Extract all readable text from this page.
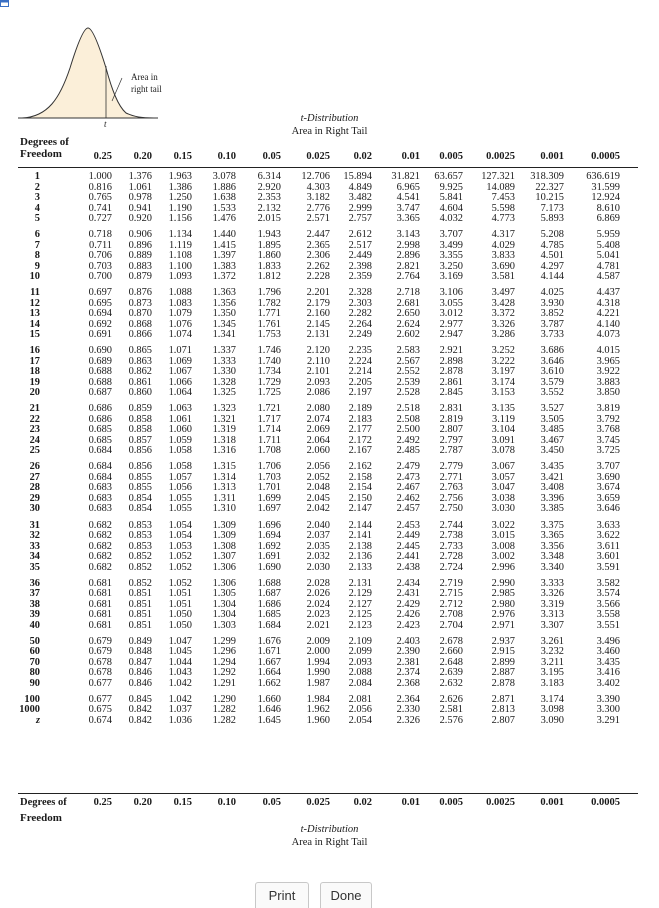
Area in
right tail
t	t-Distribution
Area in Right Tail
Degrees of
Freedom	0.25 0.20 0.15 0.10	0.05 0.025 0.02	0.01 0.005 0.0025 0.001	0.0005
1	1.000 1.376 1.963 3.078 6.314 12.706 15.894 31.821 63.657 127.321 318.309 636.619
2	0.816 1.061 1.386 1.886 2.920 4.303 4.849 6.965 9.925 14.089 22.327	31.599
3	0.765 0.978 1.250 1.638 2.353 3.182 3.482 4.541 5.841	7.453 10.215	12.924
4	0.741 0.941 1.190 1.533 2.132 2.776 2.999 3.747 4.604	5.598 7.173	8.610
5	0.727 0.920 1.156 1.476 2.015 2.571 2.757 3.365 4.032	4.773 5.893	6.869
6	0.718 0.906 1.134 1.440 1.943 2.447 2.612 3.143 3.707	4.317 5.208	5.959
7	0.711 0.896 1.119 1.415 1.895 2.365 2.517 2.998 3.499	4.029 4.785	5.408
8	0.706 0.889 1.108 1.397 1.860 2.306 2.449 2.896 3.355	3.833 4.501	5.041
9	0.703 0.883 1.100 1.383 1.833 2.262 2.398 2.821 3.250	3.690 4.297	4.781
10	0.700 0.879 1.093 1.372 1.812 2.228 2.359 2.764 3.169	3.581 4.144	4.587
11	0.697 0.876 1.088 1.363 1.796 2.201 2.328 2.718 3.106	3.497 4.025	4.437
12	0.695 0.873 1.083 1.356 1.782 2.179 2.303 2.681 3.055	3.428 3.930	4.318
13	0.694 0.870 1.079 1.350 1.771 2.160 2.282 2.650 3.012	3.372 3.852	4.221
14	0.692 0.868 1.076 1.345 1.761 2.145 2.264 2.624 2.977	3.326 3.787	4.140
15	0.691 0.866 1.074 1.341 1.753 2.131 2.249 2.602 2.947	3.286 3.733	4.073
16	0.690 0.865 1.071 1.337 1.746 2.120 2.235 2.583 2.921	3.252 3.686	4.015
17	0.689 0.863 1.069 1.333 1.740	2.110 2.224 2.567 2.898	3.222 3.646	3.965
18	0.688 0.862 1.067 1.330 1.734 2.101 2.214 2.552 2.878	3.197 3.610	3.922
19	0.688 0.861 1.066 1.328 1.729 2.093 2.205 2.539 2.861	3.174 3.579	3.883
20	0.687 0.860 1.064 1.325 1.725 2.086 2.197 2.528 2.845	3.153 3.552	3.850
21	0.686 0.859 1.063 1.323 1.721 2.080 2.189 2.518 2.831	3.135 3.527	3.819
22	0.686 0.858 1.061 1.321 1.717 2.074 2.183 2.508 2.819	3.119 3.505	3.792
23	0.685 0.858 1.060 1.319 1.714 2.069 2.177 2.500 2.807	3.104 3.485	3.768
24	0.685 0.857 1.059 1.318 1.711 2.064 2.172 2.492 2.797	3.091 3.467	3.745
25	0.684 0.856 1.058 1.316 1.708 2.060 2.167 2.485 2.787	3.078 3.450	3.725
26	0.684 0.856 1.058 1.315 1.706 2.056 2.162 2.479 2.779	3.067 3.435	3.707
27	0.684 0.855 1.057 1.314 1.703 2.052 2.158 2.473 2.771	3.057 3.421	3.690
28	0.683 0.855 1.056 1.313 1.701 2.048 2.154 2.467 2.763	3.047 3.408	3.674
29	0.683 0.854 1.055 1.311 1.699 2.045 2.150 2.462 2.756	3.038 3.396	3.659
30	0.683 0.854 1.055 1.310 1.697 2.042 2.147 2.457 2.750	3.030 3.385	3.646
31	0.682 0.853 1.054 1.309 1.696 2.040 2.144 2.453 2.744	3.022 3.375	3.633
32	0.682 0.853 1.054 1.309 1.694 2.037 2.141 2.449 2.738	3.015 3.365	3.622
33	0.682 0.853 1.053 1.308 1.692 2.035 2.138 2.445 2.733	3.008 3.356	3.611
34	0.682 0.852 1.052 1.307 1.691 2.032 2.136 2.441 2.728	3.002 3.348	3.601
35	0.682 0.852 1.052 1.306 1.690 2.030 2.133 2.438 2.724	2.996 3.340	3.591
36	0.681 0.852 1.052 1.306 1.688 2.028 2.131 2.434 2.719	2.990 3.333	3.582
37	0.681 0.851 1.051 1.305 1.687 2.026 2.129 2.431 2.715	2.985 3.326	3.574
38	0.681 0.851 1.051 1.304 1.686 2.024 2.127 2.429 2.712	2.980 3.319	3.566
39	0.681 0.851 1.050 1.304 1.685 2.023 2.125 2.426 2.708	2.976 3.313	3.558
40	0.681 0.851 1.050 1.303 1.684 2.021 2.123 2.423 2.704	2.971 3.307	3.551
50	0.679 0.849 1.047 1.299 1.676 2.009 2.109 2.403 2.678	2.937 3.261	3.496
60	0.679 0.848 1.045 1.296 1.671 2.000 2.099 2.390 2.660	2.915 3.232	3.460
70	0.678 0.847 1.044 1.294 1.667 1.994 2.093 2.381 2.648	2.899	3.211	3.435
80	0.678 0.846 1.043 1.292 1.664 1.990 2.088 2.374 2.639	2.887 3.195	3.416
90	0.677 0.846 1.042 1.291 1.662 1.987 2.084 2.368 2.632	2.878 3.183	3.402
100	0.677 0.845 1.042 1.290 1.660 1.984 2.081 2.364 2.626	2.871 3.174	3.390
1000	0.675 0.842 1.037 1.282 1.646 1.962 2.056 2.330 2.581	2.813 3.098	3.300
z	0.674 0.842 1.036 1.282 1.645 1.960 2.054 2.326 2.576	2.807 3.090	3.291
Degrees of	0.25 0.20 0.15 0.10	0.05 0.025 0.02	0.01 0.005 0.0025 0.001	0.0005
Freedom
t-Distribution
Area in Right Tail
Print	Done
